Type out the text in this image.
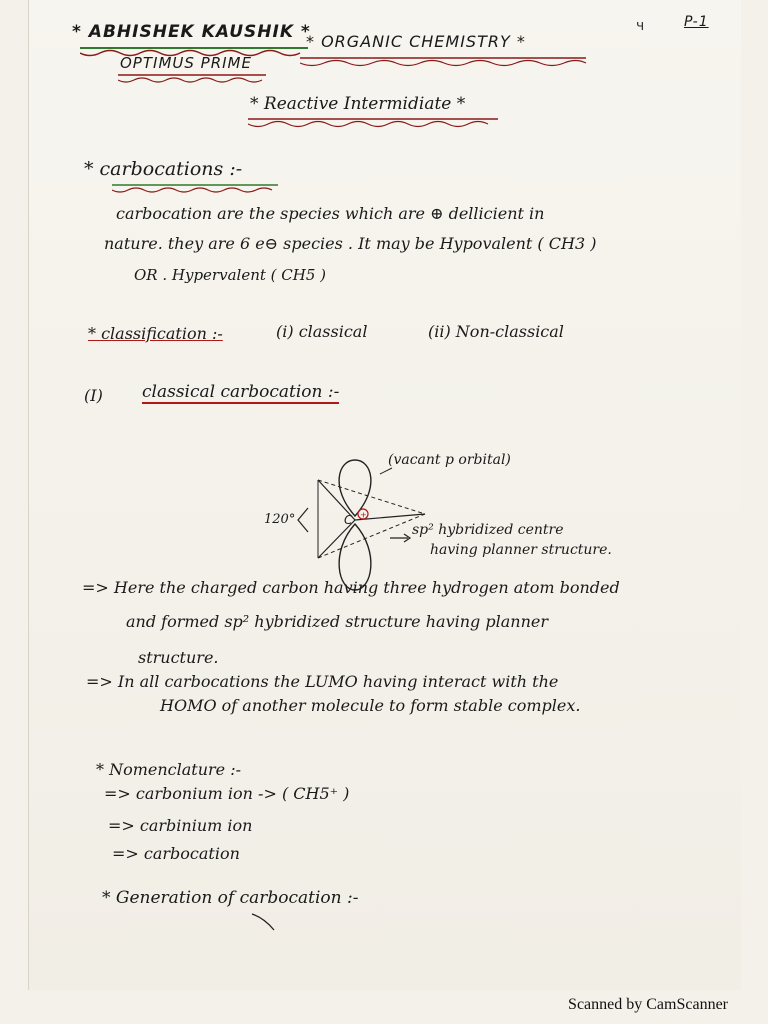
* ABHISHEK KAUSHIK *
OPTIMUS PRIME
* ORGANIC CHEMISTRY *
ч	P-1
* Reactive Intermidiate *
* carbocations :-
carbocation are the species which are ⊕ dellicient in
nature. they are 6 e⊖ species . It may be Hypovalent ( CH3 )
OR . Hypervalent ( CH5 )
* classification :-	(i) classical	(ii) Non-classical
(I) classical carbocation :-
C +
(vacant p orbital)
120°
sp² hybridized centre
having planner structure.
=> Here the charged carbon having three hydrogen atom bonded
and formed sp² hybridized structure having planner
structure.
=> In all carbocations the LUMO having interact with the
HOMO of another molecule to form stable complex.
* Nomenclature :-
=> carbonium ion -> ( CH5⁺ )
=> carbinium ion
=> carbocation
* Generation of carbocation :-
Scanned by CamScanner
